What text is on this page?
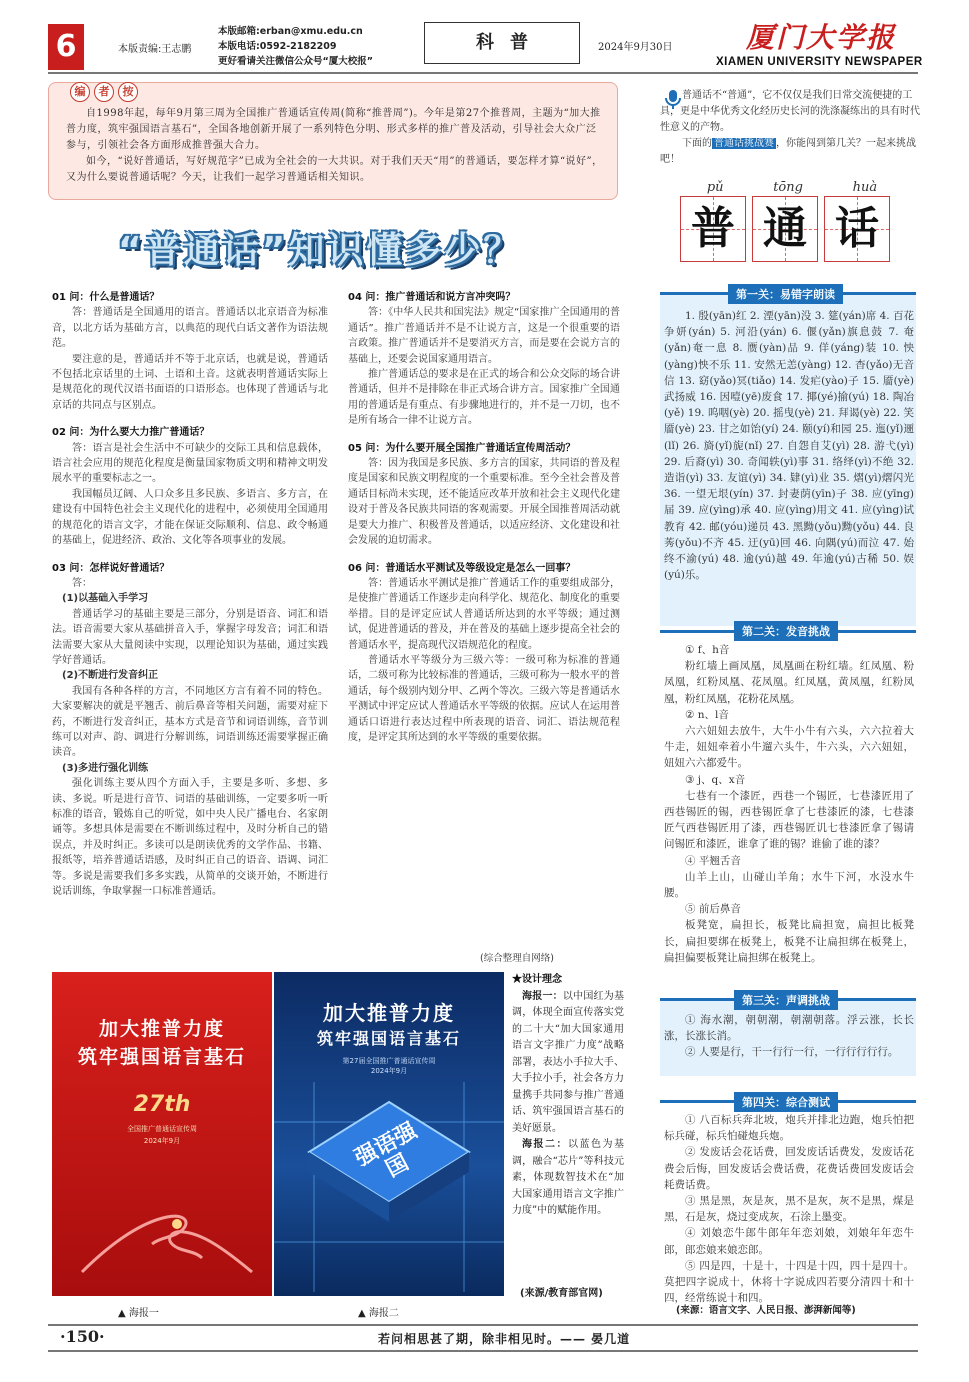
6	本版责编:王志鹏
本版邮箱:erban@xmu.edu.cn
本版电话:0592-2182209
更好看请关注微信公众号“厦大校报”
科普	2024年9月30日	厦门大学报
XIAMEN UNIVERSITY NEWSPAPER
编	者	按

自1998年起，每年9月第三周为全国推广普通话宣传周(简称“推普周”)。今年是第27个推普周，主题为“加大推普力度，筑牢强国语言基石”，全国各地创新开展了一系列特色分明、形式多样的推广普及活动，引导社会大众广泛参与，引领社会各方面形成推普强大合力。

如今，“说好普通话，写好规范字”已成为全社会的一大共识。对于我们天天“用”的普通话，要怎样才算“说好”，又为什么要说普通话呢？今天，让我们一起学习普通话相关知识。

“普通话”知识懂多少？
01 问：什么是普通话？

答：普通话是全国通用的语言。普通话以北京语音为标准音，以北方话为基础方言，以典范的现代白话文著作为语法规范。

要注意的是，普通话并不等于北京话，也就是说，普通话不包括北京话里的土词、土语和土音。这就表明普通话实际上是规范化的现代汉语书面语的口语形态。也体现了普通话与北京话的共同点与区别点。

02 问：为什么要大力推广普通话？

答：语言是社会生活中不可缺少的交际工具和信息载体，语言社会应用的规范化程度是衡量国家物质文明和精神文明发展水平的重要标志之一。

我国幅员辽阔、人口众多且多民族、多语言、多方言，在建设有中国特色社会主义现代化的进程中，必须使用全国通用的规范化的语言文字，才能在保证交际顺利、信息、政令畅通的基础上，促进经济、政治、文化等各项事业的发展。

03 问：怎样说好普通话？

答：

(1)以基础入手学习

普通话学习的基础主要是三部分，分别是语音、词汇和语法。语音需要大家从基础拼音入手，掌握字母发音；词汇和语法需要大家从大量阅读中实现，以理论知识为基础，通过实践学好普通话。

(2)不断进行发音纠正

我国有各种各样的方言，不同地区方言有着不同的特色。大家要解决的就是平翘舌、前后鼻音等相关问题，需要对症下药，不断进行发音纠正，基本方式是音节和词语训练，音节训练可以对声、韵、调进行分解训练，词语训练还需要掌握正确读音。

(3)多进行强化训练

强化训练主要从四个方面入手，主要是多听、多想、多读、多说。听是进行音节、词语的基础训练，一定要多听一听标准的语音，锻炼自己的听觉，如中央人民广播电台、名家朗诵等。多想具体是需要在不断训练过程中，及时分析自己的错误点，并及时纠正。多读可以是朗读优秀的文学作品、书籍、报纸等，培养普通话语感，及时纠正自己的语音、语调、词汇等。多说是需要我们多多实践，从简单的交谈开始，不断进行说话训练，争取掌握一口标准普通话。

04 问：推广普通话和说方言冲突吗？

答：《中华人民共和国宪法》规定“国家推广全国通用的普通话”。推广普通话并不是不让说方言，这是一个很重要的语言政策。推广普通话并不是要消灭方言，而是要在会说方言的基础上，还要会说国家通用语言。

推广普通话总的要求是在正式的场合和公众交际的场合讲普通话，但并不是排除在非正式场合讲方言。国家推广全国通用的普通话是有重点、有步骤地进行的，并不是一刀切，也不是所有场合一律不让说方言。

05 问：为什么要开展全国推广普通话宣传周活动？

答：因为我国是多民族、多方言的国家，共同语的普及程度是国家和民族文明程度的一个重要标准。至今全社会普及普通话目标尚未实现，还不能适应改革开放和社会主义现代化建设对于普及各民族共同语的客观需要。开展全国推普周活动就是要大力推广、积极普及普通话，以适应经济、文化建设和社会发展的迫切需求。

06 问：普通话水平测试及等级设定是怎么一回事？

答：普通话水平测试是推广普通话工作的重要组成部分，是使推广普通话工作逐步走向科学化、规范化、制度化的重要举措。目的是评定应试人普通话所达到的水平等级；通过测试，促进普通话的普及，并在普及的基础上逐步提高全社会的普通话水平，提高现代汉语规范化的程度。

普通话水平等级分为三级六等：一级可称为标准的普通话，二级可称为比较标准的普通话，三级可称为一般水平的普通话，每个级别内划分甲、乙两个等次。三级六等是普通话水平测试中评定应试人普通话水平等级的依据。应试人在运用普通话口语进行表达过程中所表现的语音、词汇、语法规范程度，是评定其所达到的水平等级的重要依据。

(综合整理自网络)
加大推普力度
筑牢强国语言基石
27th
全国推广普通话宣传周
2024年9月
▲ 海报一
加大推普力度
筑牢强国语言基石
第27届全国推广普通话宣传周
2024年9月
强语强国
▲ 海报二
★设计理念

海报一：以中国红为基调，体现全面宣传落实党的二十大“加大国家通用语言文字推广力度”战略部署，表达小手拉大手、大手拉小手，社会各方力量携手共同参与推广普通话、筑牢强国语言基石的美好愿景。

海报二：以蓝色为基调，融合“芯片”等科技元素，体现数智技术在“加大国家通用语言文字推广力度”中的赋能作用。

(来源/教育部官网)

普通话不“普通”，它不仅仅是我们日常交流便捷的工具，更是中华优秀文化经历史长河的洗涤凝练出的具有时代性意义的产物。

下面的 普通话挑战赛 ，你能闯到第几关？一起来挑战吧！

pǔ	tōng	huà
普 通 话
第一关：易错字朗读

1. 殷(yān)红 2. 湮(yān)没 3. 筵(yán)席 4. 百花争妍(yán) 5. 河沿(yán) 6. 偃(yǎn)旗息鼓 7. 奄(yǎn)奄一息 8. 赝(yàn)品 9. 佯(yáng)装 10. 怏(yàng)怏不乐 11. 安然无恙(yàng) 12. 杳(yǎo)无音信 13. 窈(yǎo)冥(tiǎo) 14. 发疟(yào)子 15. 靥(yè)武扬威 16. 因噎(yē)废食 17. 揶(yé)揄(yú) 18. 陶冶(yě) 19. 呜咽(yè) 20. 摇曳(yè) 21. 拜谒(yè) 22. 笑靥(yè) 23. 甘之如饴(yí) 24. 颐(yí)和园 25. 迤(yǐ)逦(lǐ) 26. 旖(yǐ)旎(nǐ) 27. 自怨自艾(yì) 28. 游弋(yì) 29. 后裔(yì) 30. 奇闻轶(yì)事 31. 络绎(yì)不绝 32. 造诣(yì) 33. 友谊(yì) 34. 肄(yì)业 35. 熠(yì)熠闪光 36. 一望无垠(yín) 37. 封妻荫(yīn)子 38. 应(yīng)届 39. 应(yìng)承 40. 应(yìng)用文 41. 应(yìng)试教育 42. 邮(yóu)递员 43. 黑黝(yǒu)黝(yǒu) 44. 良莠(yǒu)不齐 45. 迂(yū)回 46. 向隅(yú)而泣 47. 始终不渝(yú) 48. 逾(yú)越 49. 年逾(yú)古稀 50. 娱(yú)乐。

第二关：发音挑战

① f、h音

粉红墙上画凤凰，凤凰画在粉红墙。红凤凰、粉凤凰，红粉凤凰、花凤凰。红凤凰，黄凤凰，红粉凤凰，粉红凤凰，花粉花凤凰。

② n、l音

六六妞妞去放牛，大牛小牛有六头，六六拉着大牛走，妞妞牵着小牛遛六头牛，牛六头，六六妞妞，妞妞六六都爱牛。

③ j、q、x音

七巷有一个漆匠，西巷一个锡匠，七巷漆匠用了西巷锡匠的锡，西巷锡匠拿了七巷漆匠的漆，七巷漆匠气西巷锡匠用了漆，西巷锡匠讥七巷漆匠拿了锡请问锡匠和漆匠，谁拿了谁的锡？谁偷了谁的漆？

④ 平翘舌音

山羊上山，山碰山羊角；水牛下河，水没水牛腰。

⑤ 前后鼻音

板凳宽，扁担长，板凳比扁担宽，扁担比板凳长，扁担要绑在板凳上，板凳不让扁担绑在板凳上，扁担偏要板凳让扁担绑在板凳上。

第三关：声调挑战

① 海水潮，朝朝潮，朝潮朝落。浮云涨，长长涨，长涨长消。

② 人要是行，干一行行一行，一行行行行行。

第四关：综合测试

① 八百标兵奔北坡，炮兵并排北边跑，炮兵怕把标兵碰，标兵怕碰炮兵炮。

② 发废话会花话费，回发废话话费发，发废话花费会后悔，回发废话会费话费，花费话费回发废话会耗费话费。

③ 黑是黑，灰是灰，黑不是灰，灰不是黑，煤是黑，石是灰，烧过变成灰，石涂上墨变。

④ 刘娘恋牛郎牛郎年年恋刘娘，刘娘年年恋牛郎，郎恋娘来娘恋郎。

⑤ 四是四，十是十，十四是十四，四十是四十。莫把四字说成十，休将十字说成四若要分清四十和十四，经常练说十和四。

(来源：语言文字、人民日报、澎湃新闻等)
·150·	若问相思甚了期，除非相见时。—— 晏几道
